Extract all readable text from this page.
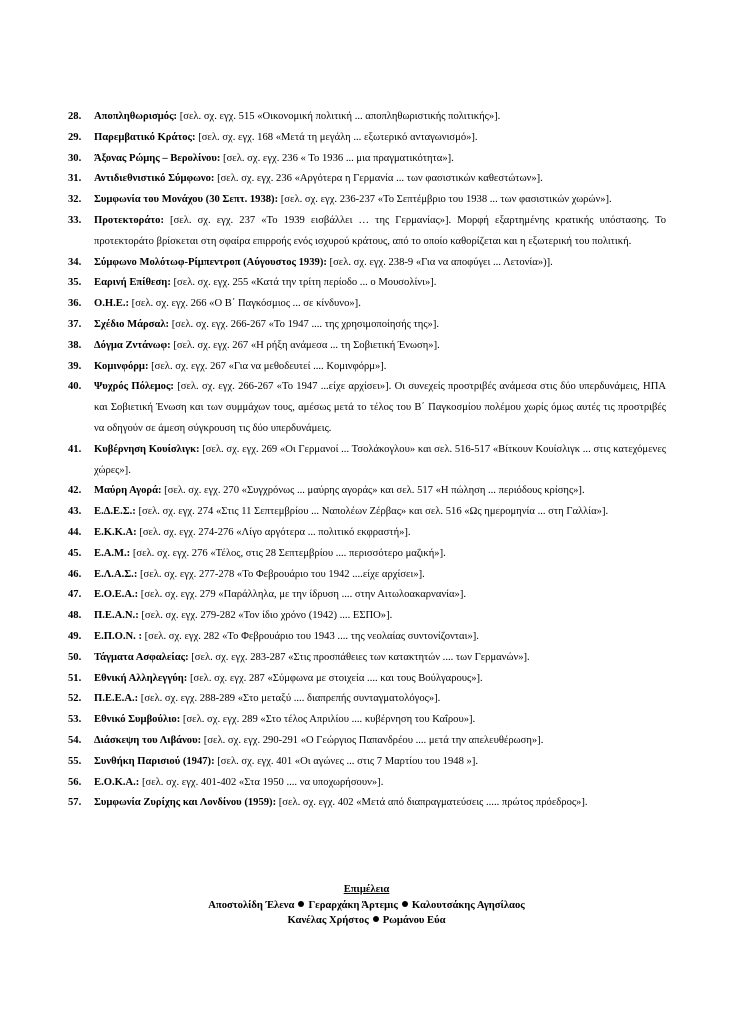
28. Αποπληθωρισμός: [σελ. σχ. εγχ. 515 «Οικονομική πολιτική ... αποπληθωριστικής πολιτικής»].
29. Παρεμβατικό Κράτος: [σελ. σχ. εγχ. 168 «Μετά τη μεγάλη ... εξωτερικό ανταγωνισμό»].
30. Άξονας Ρώμης – Βερολίνου: [σελ. σχ. εγχ. 236 « Το 1936 ... μια πραγματικότητα»].
31. Αντιδιεθνιστικό Σύμφωνο: [σελ. σχ. εγχ. 236 «Αργότερα η Γερμανία ... των φασιστικών καθεστώτων»].
32. Συμφωνία του Μονάχου (30 Σεπτ. 1938): [σελ. σχ. εγχ. 236-237 «Το Σεπτέμβριο του 1938 ... των φασιστικών χωρών»].
33. Προτεκτοράτο: [σελ. σχ. εγχ. 237 «Το 1939 εισβάλλει … της Γερμανίας»]. Μορφή εξαρτημένης κρατικής υπόστασης. Το προτεκτοράτο βρίσκεται στη σφαίρα επιρροής ενός ισχυρού κράτους, από το οποίο καθορίζεται και η εξωτερική του πολιτική.
34. Σύμφωνο Μολότωφ-Ρίμπεντροπ (Αύγουστος 1939): [σελ. σχ. εγχ. 238-9 «Για να αποφύγει ... Λετονία»)].
35. Εαρινή Επίθεση: [σελ. σχ. εγχ. 255 «Κατά την τρίτη περίοδο ... ο Μουσολίνι»].
36. Ο.Η.Ε.: [σελ. σχ. εγχ. 266 «Ο Β΄ Παγκόσμιος ... σε κίνδυνο»].
37. Σχέδιο Μάρσαλ: [σελ. σχ. εγχ. 266-267 «Το 1947 .... της χρησιμοποίησής της»].
38. Δόγμα Ζντάνωφ: [σελ. σχ. εγχ. 267 «Η ρήξη ανάμεσα ... τη Σοβιετική Ένωση»].
39. Κομινφόρμ: [σελ. σχ. εγχ. 267 «Για να μεθοδευτεί .... Κομινφόρμ»].
40. Ψυχρός Πόλεμος: [σελ. σχ. εγχ. 266-267 «Το 1947 ...είχε αρχίσει»]. Οι συνεχείς προστριβές ανάμεσα στις δύο υπερδυνάμεις, ΗΠΑ και Σοβιετική Ένωση και των συμμάχων τους, αμέσως μετά το τέλος του Β΄ Παγκοσμίου πολέμου χωρίς όμως αυτές τις προστριβές να οδηγούν σε άμεση σύγκρουση τις δύο υπερδυνάμεις.
41. Κυβέρνηση Κουίσλιγκ: [σελ. σχ. εγχ. 269 «Οι Γερμανοί ... Τσολάκογλου» και σελ. 516-517 «Βίτκουν Κουίσλιγκ ... στις κατεχόμενες χώρες»].
42. Μαύρη Αγορά: [σελ. σχ. εγχ. 270 «Συγχρόνως ... μαύρης αγοράς» και σελ. 517 «Η πώληση ... περιόδους κρίσης»].
43. Ε.Δ.Ε.Σ.: [σελ. σχ. εγχ. 274 «Στις 11 Σεπτεμβρίου ... Ναπολέων Ζέρβας» και σελ. 516 «Ως ημερομηνία ... στη Γαλλία»].
44. Ε.Κ.Κ.Α: [σελ. σχ. εγχ. 274-276 «Λίγο αργότερα ... πολιτικό εκφραστή»].
45. Ε.Α.Μ.: [σελ. σχ. εγχ. 276 «Τέλος, στις 28 Σεπτεμβρίου .... περισσότερο μαζική»].
46. Ε.Λ.Α.Σ.: [σελ. σχ. εγχ. 277-278 «Το Φεβρουάριο του 1942 ....είχε αρχίσει»].
47. Ε.Ο.Ε.Α.: [σελ. σχ. εγχ. 279 «Παράλληλα, με την ίδρυση .... στην Αιτωλοακαρνανία»].
48. Π.Ε.Α.Ν.: [σελ. σχ. εγχ. 279-282 «Τον ίδιο χρόνο (1942) .... ΕΣΠΟ»].
49. Ε.Π.Ο.Ν. : [σελ. σχ. εγχ. 282 «Το Φεβρουάριο του 1943 .... της νεολαίας συντονίζονται»].
50. Τάγματα Ασφαλείας: [σελ. σχ. εγχ. 283-287 «Στις προσπάθειες των κατακτητών .... των Γερμανών»].
51. Εθνική Αλληλεγγύη: [σελ. σχ. εγχ. 287 «Σύμφωνα με στοιχεία .... και τους Βούλγαρους»].
52. Π.Ε.Ε.Α.: [σελ. σχ. εγχ. 288-289 «Στο μεταξύ .... διαπρεπής συνταγματολόγος»].
53. Εθνικό Συμβούλιο: [σελ. σχ. εγχ. 289 «Στο τέλος Απριλίου .... κυβέρνηση του Καΐρου»].
54. Διάσκεψη του Λιβάνου: [σελ. σχ. εγχ. 290-291 «Ο Γεώργιος Παπανδρέου .... μετά την απελευθέρωση»].
55. Συνθήκη Παρισιού (1947): [σελ. σχ. εγχ. 401 «Οι αγώνες ... στις 7 Μαρτίου του 1948 »].
56. Ε.Ο.Κ.Α.: [σελ. σχ. εγχ. 401-402 «Στα 1950 .... να υποχωρήσουν»].
57. Συμφωνία Ζυρίχης και Λονδίνου (1959): [σελ. σχ. εγχ. 402 «Μετά από διαπραγματεύσεις ..... πρώτος πρόεδρος»].
Επιμέλεια
Αποστολίδη Έλενα Γεραρχάκη Άρτεμις Καλουτσάκης Αγησίλαος
Κανέλας Χρήστος Ρωμάνου Εύα
